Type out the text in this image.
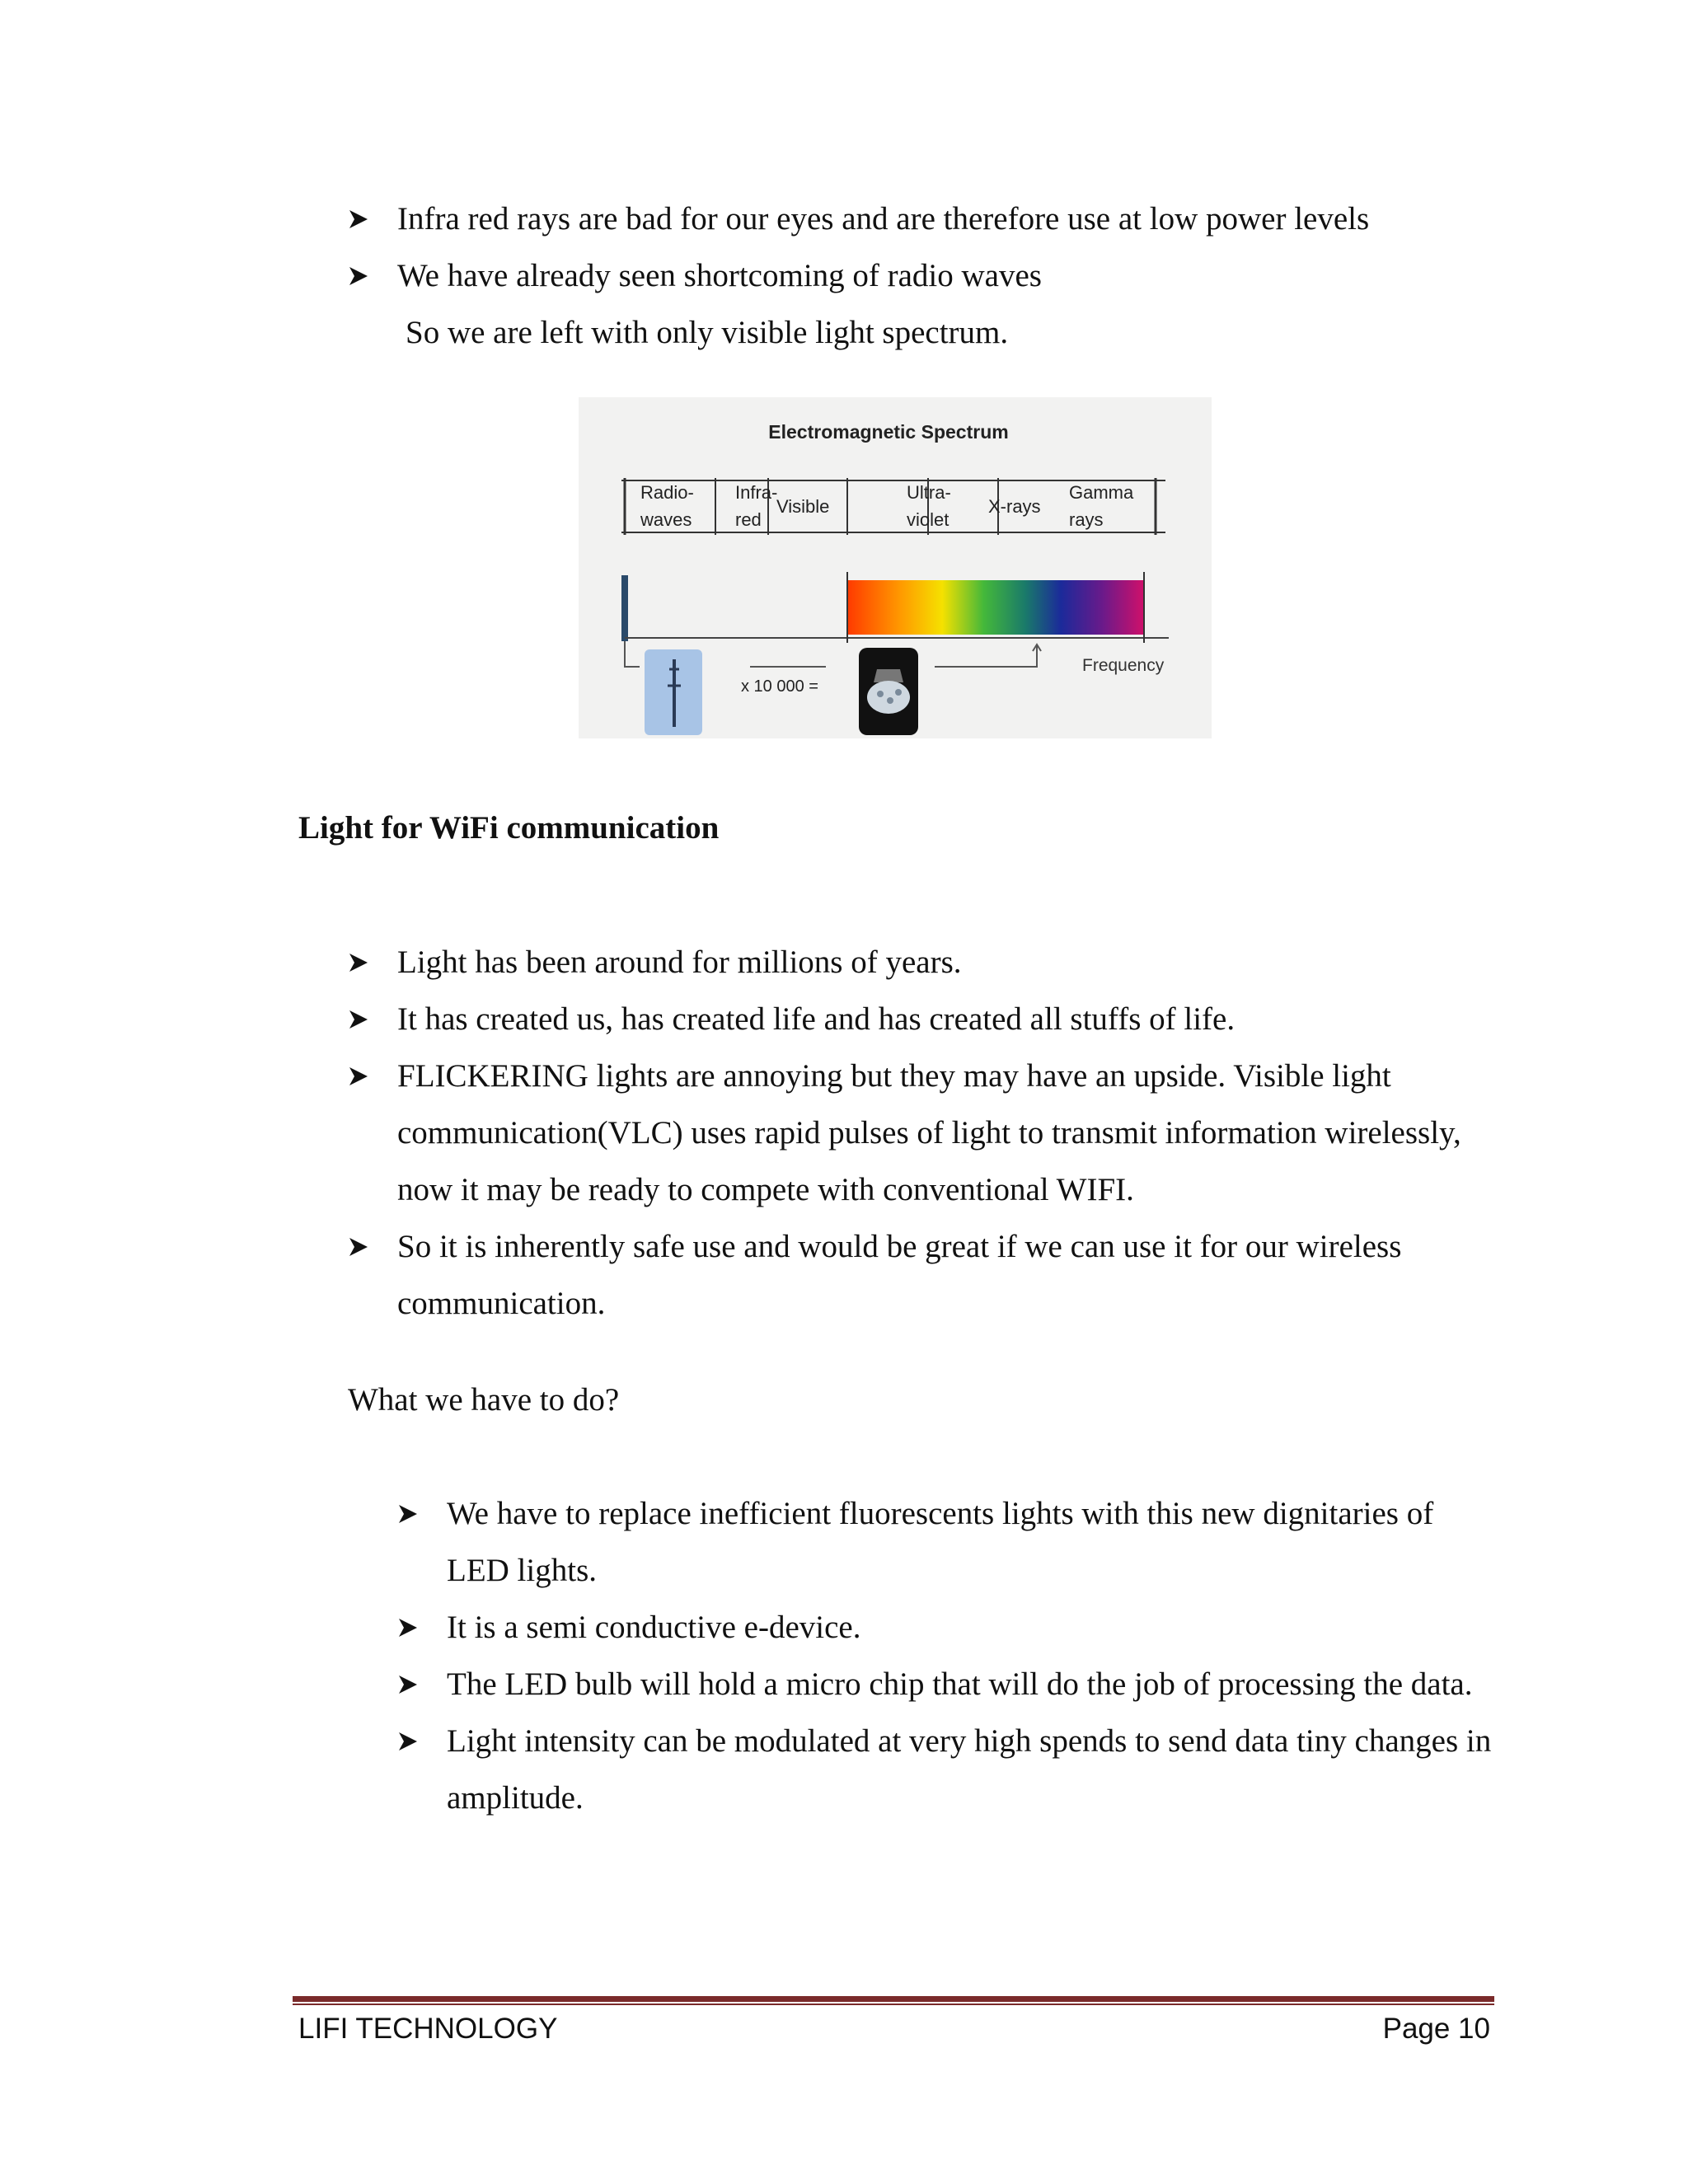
Infra red rays are bad for our eyes and are therefore use at low power levels
We have already seen shortcoming of radio waves
So we are left with only visible light spectrum.
Electromagnetic Spectrum
Radio-
waves
Infra-
red
Visible
Ultra-
violet
X-rays
Gamma
rays
x 10 000 =
Frequency
Light for WiFi communication
Light has been around for millions of years.
It has created us, has created life and has created all stuffs of life.
FLICKERING lights are annoying but they may have an upside. Visible light communication(VLC) uses rapid pulses of light to transmit information wirelessly, now it may be ready to compete with conventional WIFI.
So it is inherently safe use and would be great if we can use it for our wireless communication.
What we have to do?
We have to replace inefficient fluorescents lights with this new dignitaries of LED lights.
It is a semi conductive e-device.
The LED bulb will hold a micro chip that will do the job of processing the data.
Light intensity can be modulated at very high spends to send data tiny changes in amplitude.
LIFI TECHNOLOGY	Page 10
